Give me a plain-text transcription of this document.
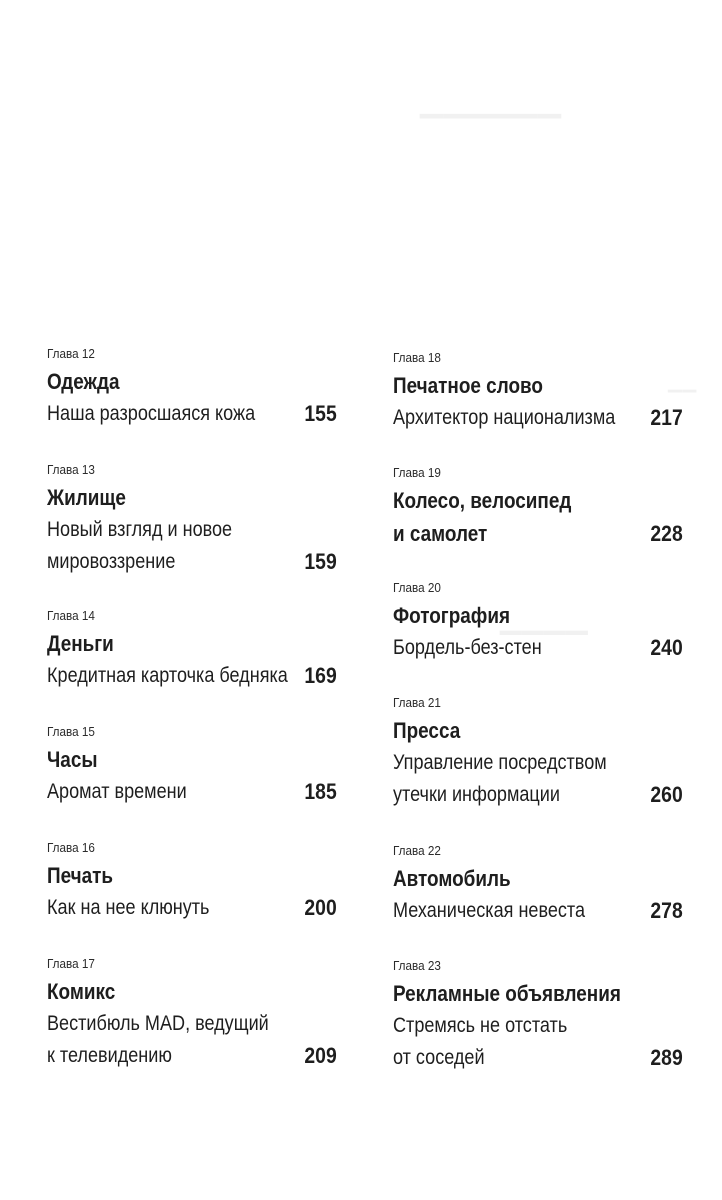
▁▁▁▁▁▁
▁▁
▁▁▁▁
Глава 12
Одежда
Наша разросшаяся кожа	155
Глава 13
Жилище
Новый взгляд и новое
мировоззрение	159
Глава 14
Деньги
Кредитная карточка бедняка 169
Глава 15
Часы
Аромат времени	185
Глава 16
Печать
Как на нее клюнуть	200
Глава 17
Комикс
Вестибюль MAD, ведущий
к телевидению	209
Глава 18
Печатное слово
Архитектор национализма	217
Глава 19
Колесо, велосипед
и самолет	228
Глава 20
Фотография
Бордель-без-стен	240
Глава 21
Пресса
Управление посредством
утечки информации	260
Глава 22
Автомобиль
Механическая невеста	278
Глава 23
Рекламные объявления
Стремясь не отстать
от соседей	289
